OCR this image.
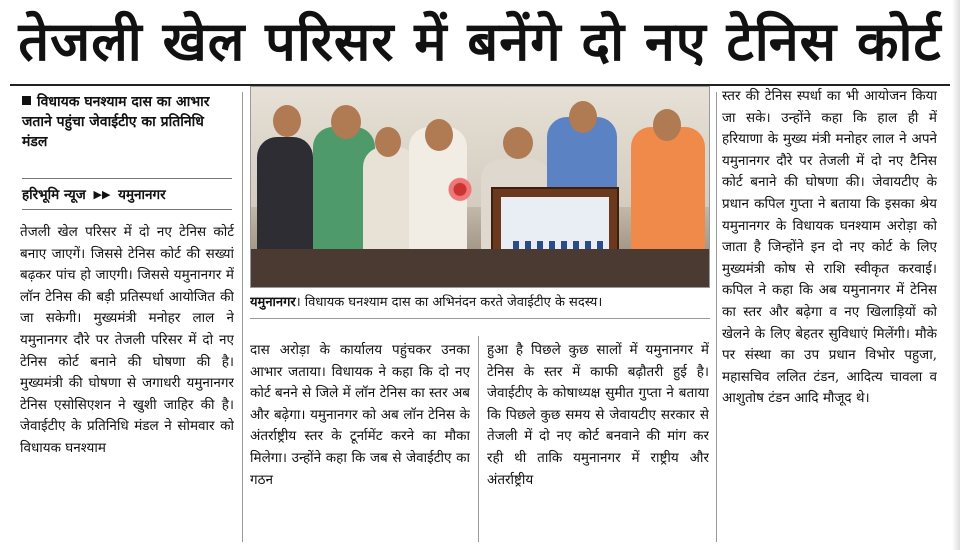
तेजली खेल परिसर में बनेंगे दो नए टेनिस कोर्ट
विधायक घनश्याम दास का आभार जताने पहुंचा जेवाईटीए का प्रतिनिधि मंडल
हरिभूमि न्यूज ▶▶ यमुनानगर
तेजली खेल परिसर में दो नए टेनिस कोर्ट बनाए जाएगें। जिससे टेनिस कोर्ट की सख्यां बढ़कर पांच हो जाएगी। जिससे यमुनानगर में लॉन टेनिस की बड़ी प्रतिस्पर्धा आयोजित की जा सकेगी। मुख्यमंत्री मनोहर लाल ने यमुनानगर दौरे पर तेजली परिसर में दो नए टेनिस कोर्ट बनाने की घोषणा की है। मुख्यमंत्री की घोषणा से जगाधरी यमुनानगर टेनिस एसोसिएशन ने खुशी जाहिर की है। जेवाईटीए के प्रतिनिधि मंडल ने सोमवार को विधायक घनश्याम
यमुनानगर। विधायक घनश्याम दास का अभिनंदन करते जेवाईटीए के सदस्य।
दास अरोड़ा के कार्यालय पहुंचकर उनका आभार जताया। विधायक ने कहा कि दो नए कोर्ट बनने से जिले में लॉन टेनिस का स्तर अब और बढ़ेगा। यमुनानगर को अब लॉन टेनिस के अंतर्राष्ट्रीय स्तर के टूर्नामेंट करने का मौका मिलेगा। उन्होंने कहा कि जब से जेवाईटीए का गठन
हुआ है पिछले कुछ सालों में यमुनानगर में टेनिस के स्तर में काफी बढ़ौतरी हुई है। जेवाईटीए के कोषाध्यक्ष सुमीत गुप्ता ने बताया कि पिछले कुछ समय से जेवायटीए सरकार से तेजली में दो नए कोर्ट बनवाने की मांग कर रही थी ताकि यमुनानगर में राष्ट्रीय और अंतर्राष्ट्रीय
स्तर की टेनिस स्पर्धा का भी आयोजन किया जा सके। उन्होंने कहा कि हाल ही में हरियाणा के मुख्य मंत्री मनोहर लाल ने अपने यमुनानगर दौरे पर तेजली में दो नए टैनिस कोर्ट बनाने की घोषणा की। जेवायटीए के प्रधान कपिल गुप्ता ने बताया कि इसका श्रेय यमुनानगर के विधायक घनश्याम अरोड़ा को जाता है जिन्होंने इन दो नए कोर्ट के लिए मुख्यमंत्री कोष से राशि स्वीकृत करवाई। कपिल ने कहा कि अब यमुनानगर में टेनिस का स्तर और बढ़ेगा व नए खिलाड़ियों को खेलने के लिए बेहतर सुविधाएं मिलेंगी। मौके पर संस्था का उप प्रधान विभोर पहुजा, महासचिव ललित टंडन, आदित्य चावला व आशुतोष टंडन आदि मौजूद थे।
